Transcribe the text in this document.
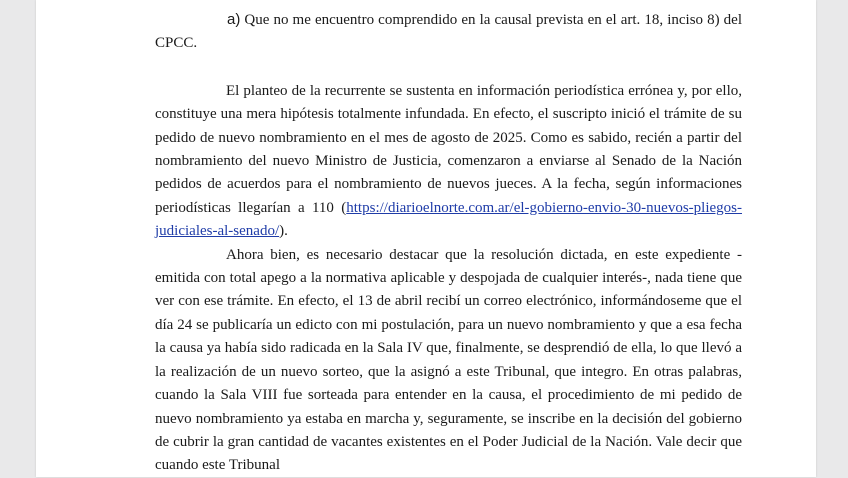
a) Que no me encuentro comprendido en la causal prevista en el art. 18, inciso 8) del CPCC.

El planteo de la recurrente se sustenta en información periodística errónea y, por ello, constituye una mera hipótesis totalmente infundada. En efecto, el suscripto inició el trámite de su pedido de nuevo nombramiento en el mes de agosto de 2025. Como es sabido, recién a partir del nombramiento del nuevo Ministro de Justicia, comenzaron a enviarse al Senado de la Nación pedidos de acuerdos para el nombramiento de nuevos jueces. A la fecha, según informaciones periodísticas llegarían a 110 (https://diarioelnorte.com.ar/el-gobierno-envio-30-nuevos-pliegos-judiciales-al-senado/).

Ahora bien, es necesario destacar que la resolución dictada, en este expediente -emitida con total apego a la normativa aplicable y despojada de cualquier interés-, nada tiene que ver con ese trámite. En efecto, el 13 de abril recibí un correo electrónico, informándoseme que el día 24 se publicaría un edicto con mi postulación, para un nuevo nombramiento y que a esa fecha la causa ya había sido radicada en la Sala IV que, finalmente, se desprendió de ella, lo que llevó a la realización de un nuevo sorteo, que la asignó a este Tribunal, que integro. En otras palabras, cuando la Sala VIII fue sorteada para entender en la causa, el procedimiento de mi pedido de nuevo nombramiento ya estaba en marcha y, seguramente, se inscribe en la decisión del gobierno de cubrir la gran cantidad de vacantes existentes en el Poder Judicial de la Nación. Vale decir que cuando este Tribunal
